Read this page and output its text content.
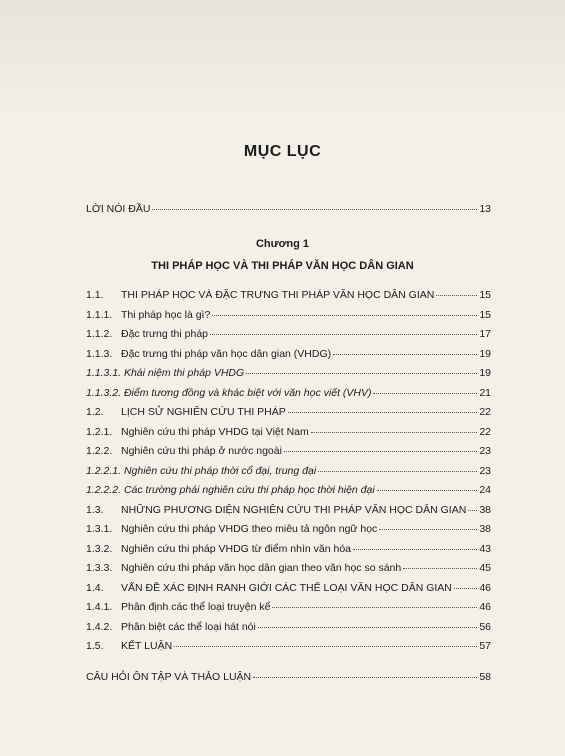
MỤC LỤC
LỜI NÓI ĐẦU	13
Chương 1
THI PHÁP HỌC VÀ THI PHÁP VĂN HỌC DÂN GIAN
1.1.	THI PHÁP HỌC VÀ ĐẶC TRƯNG THI PHÁP VĂN HỌC DÂN GIAN	15
1.1.1. Thi pháp học là gì?	15
1.1.2. Đặc trưng thi pháp	17
1.1.3. Đặc trưng thi pháp văn học dân gian (VHDG)	19
1.1.3.1. Khái niệm thi pháp VHDG	19
1.1.3.2. Điểm tương đồng và khác biệt với văn học viết (VHV)	21
1.2.	LỊCH SỬ NGHIÊN CỨU THI PHÁP	22
1.2.1. Nghiên cứu thi pháp VHDG tại Việt Nam	22
1.2.2. Nghiên cứu thi pháp ở nước ngoài	23
1.2.2.1. Nghiên cứu thi pháp thời cổ đại, trung đại	23
1.2.2.2. Các trường phái nghiên cứu thi pháp học thời hiện đại	24
1.3.	NHỮNG PHƯƠNG DIỆN NGHIÊN CỨU THI PHÁP VĂN HỌC DÂN GIAN 38
1.3.1. Nghiên cứu thi pháp VHDG theo miêu tả ngôn ngữ học	38
1.3.2. Nghiên cứu thi pháp VHDG từ điểm nhìn văn hóa	43
1.3.3. Nghiên cứu thi pháp văn học dân gian theo văn học so sánh	45
1.4.	VẤN ĐỀ XÁC ĐỊNH RANH GIỚI CÁC THỂ LOẠI VĂN HỌC DÂN GIAN	46
1.4.1. Phân định các thể loại truyện kể	46
1.4.2. Phân biệt các thể loại hát nói	56
1.5.	KẾT LUẬN	57
CÂU HỎI ÔN TẬP VÀ THẢO LUẬN	58
